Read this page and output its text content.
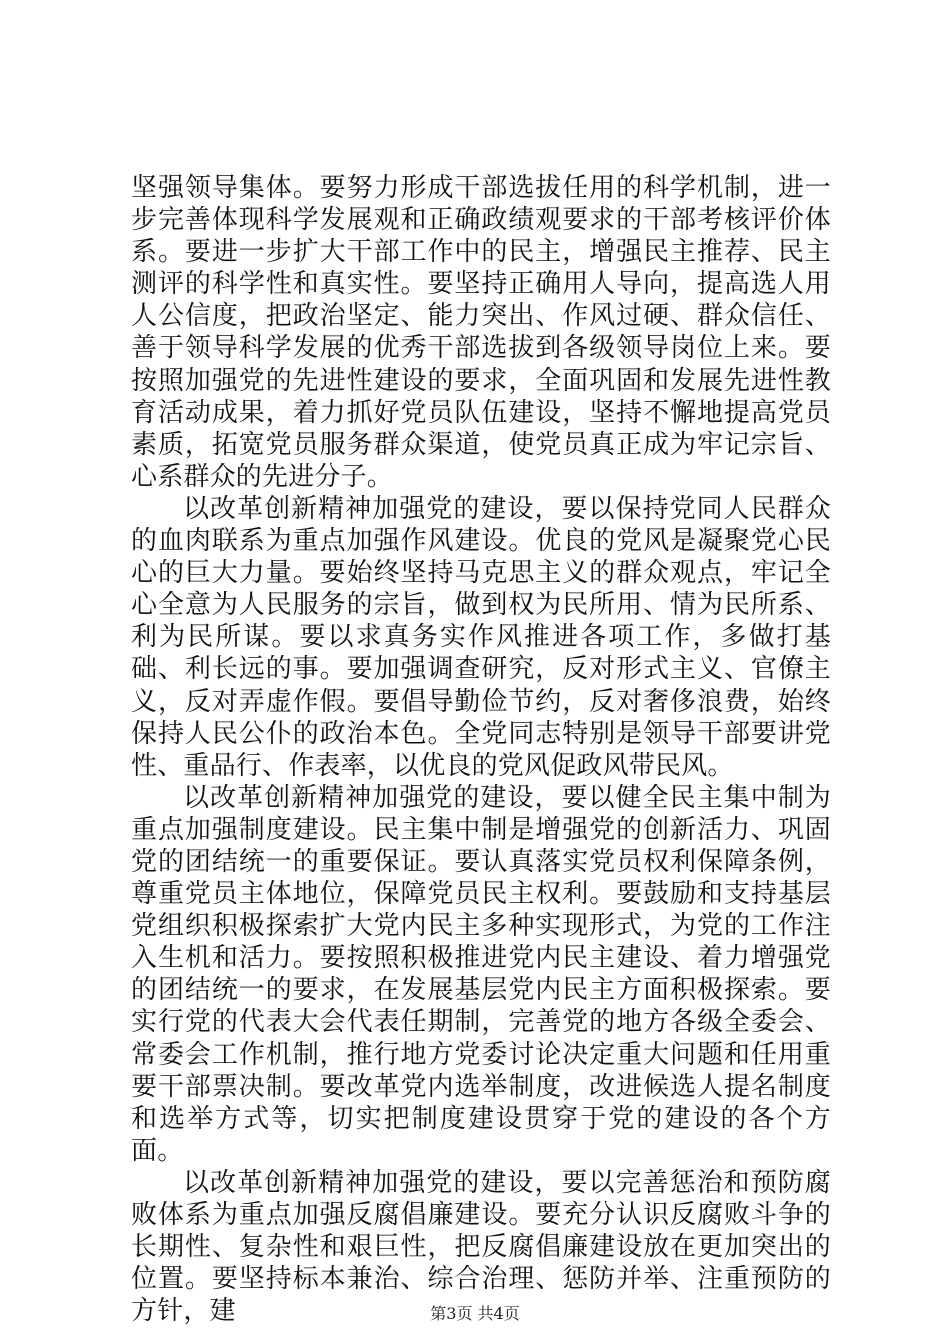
坚强领导集体。要努力形成干部选拔任用的科学机制，进一步完善体现科学发展观和正确政绩观要求的干部考核评价体系。要进一步扩大干部工作中的民主，增强民主推荐、民主测评的科学性和真实性。要坚持正确用人导向，提高选人用人公信度，把政治坚定、能力突出、作风过硬、群众信任、善于领导科学发展的优秀干部选拔到各级领导岗位上来。要按照加强党的先进性建设的要求，全面巩固和发展先进性教育活动成果，着力抓好党员队伍建设，坚持不懈地提高党员素质，拓宽党员服务群众渠道，使党员真正成为牢记宗旨、心系群众的先进分子。

以改革创新精神加强党的建设，要以保持党同人民群众的血肉联系为重点加强作风建设。优良的党风是凝聚党心民心的巨大力量。要始终坚持马克思主义的群众观点，牢记全心全意为人民服务的宗旨，做到权为民所用、情为民所系、利为民所谋。要以求真务实作风推进各项工作，多做打基础、利长远的事。要加强调查研究，反对形式主义、官僚主义，反对弄虚作假。要倡导勤俭节约，反对奢侈浪费，始终保持人民公仆的政治本色。全党同志特别是领导干部要讲党性、重品行、作表率，以优良的党风促政风带民风。

以改革创新精神加强党的建设，要以健全民主集中制为重点加强制度建设。民主集中制是增强党的创新活力、巩固党的团结统一的重要保证。要认真落实党员权利保障条例，尊重党员主体地位，保障党员民主权利。要鼓励和支持基层党组织积极探索扩大党内民主多种实现形式，为党的工作注入生机和活力。要按照积极推进党内民主建设、着力增强党的团结统一的要求，在发展基层党内民主方面积极探索。要实行党的代表大会代表任期制，完善党的地方各级全委会、常委会工作机制，推行地方党委讨论决定重大问题和任用重要干部票决制。要改革党内选举制度，改进候选人提名制度和选举方式等，切实把制度建设贯穿于党的建设的各个方面。

以改革创新精神加强党的建设，要以完善惩治和预防腐败体系为重点加强反腐倡廉建设。要充分认识反腐败斗争的长期性、复杂性和艰巨性，把反腐倡廉建设放在更加突出的位置。要坚持标本兼治、综合治理、惩防并举、注重预防的方针，建	第3页 共4页
